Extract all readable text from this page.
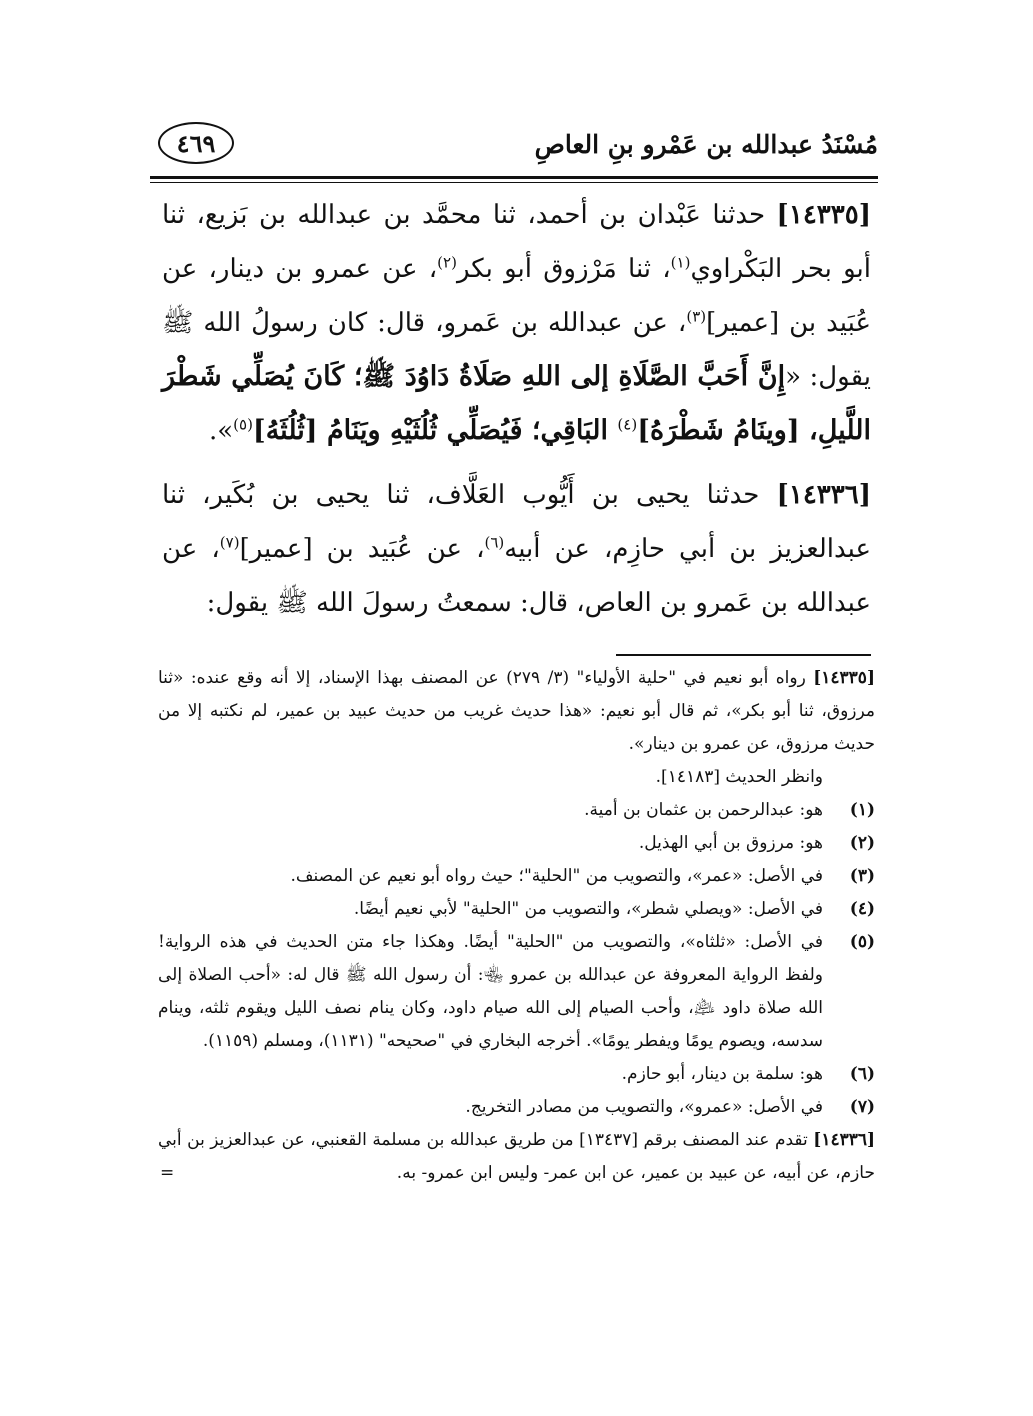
مُسْنَدُ عبدالله بن عَمْرو بنِ العاصِ
٤٦٩
[١٤٣٣٥] حدثنا عَبْدان بن أحمد، ثنا محمَّد بن عبدالله بن بَزيع، ثنا أبو بحر البَكْراوي$^{(١)}$، ثنا مَرْزوق أبو بكر$^{(٢)}$، عن عمرو بن دينار، عن عُبَيد بن [عمير]$^{(٣)}$، عن عبدالله بن عَمرو، قال: كان رسولُ الله ﷺ يقول: «إِنَّ أَحَبَّ الصَّلَاةِ إلى اللهِ صَلَاةُ دَاوُدَ ﷺ؛ كَانَ يُصَلِّي شَطْرَ اللَّيلِ، [وينَامُ شَطْرَهُ]$^{(٤)}$ البَاقِي؛ فَيُصَلِّي ثُلُثَيْهِ ويَنَامُ [ثُلُثَهُ]$^{(٥)}$».
[١٤٣٣٦] حدثنا يحيى بن أَيُّوب العَلَّاف، ثنا يحيى بن بُكَير، ثنا عبدالعزيز بن أبي حازِم، عن أبيه$^{(٦)}$، عن عُبَيد بن [عمير]$^{(٧)}$، عن عبدالله بن عَمرو بن العاص، قال: سمعتُ رسولَ الله ﷺ يقول:
[١٤٣٣٥] رواه أبو نعيم في "حلية الأولياء" (٣/ ٢٧٩) عن المصنف بهذا الإسناد، إلا أنه وقع عنده: «ثنا مرزوق، ثنا أبو بكر»، ثم قال أبو نعيم: «هذا حديث غريب من حديث عبيد بن عمير، لم نكتبه إلا من حديث مرزوق، عن عمرو بن دينار».
وانظر الحديث [١٤١٨٣].
(١)
هو: عبدالرحمن بن عثمان بن أمية.
(٢)
هو: مرزوق بن أبي الهذيل.
(٣)
في الأصل: «عمر»، والتصويب من "الحلية"؛ حيث رواه أبو نعيم عن المصنف.
(٤)
في الأصل: «ويصلي شطر»، والتصويب من "الحلية" لأبي نعيم أيضًا.
(٥)
في الأصل: «ثلثاه»، والتصويب من "الحلية" أيضًا. وهكذا جاء متن الحديث في هذه الرواية! ولفظ الرواية المعروفة عن عبدالله بن عمرو ﵄: أن رسول الله ﷺ قال له: «أحب الصلاة إلى الله صلاة داود ﵇، وأحب الصيام إلى الله صيام داود، وكان ينام نصف الليل ويقوم ثلثه، وينام سدسه، ويصوم يومًا ويفطر يومًا». أخرجه البخاري في "صحيحه" (١١٣١)، ومسلم (١١٥٩).
(٦)
هو: سلمة بن دينار، أبو حازم.
(٧)
في الأصل: «عمرو»، والتصويب من مصادر التخريج.
[١٤٣٣٦] تقدم عند المصنف برقم [١٣٤٣٧] من طريق عبدالله بن مسلمة القعنبي، عن عبدالعزيز بن أبي حازم، عن أبيه، عن عبيد بن عمير، عن ابن عمر- وليس ابن عمرو- به.
=
